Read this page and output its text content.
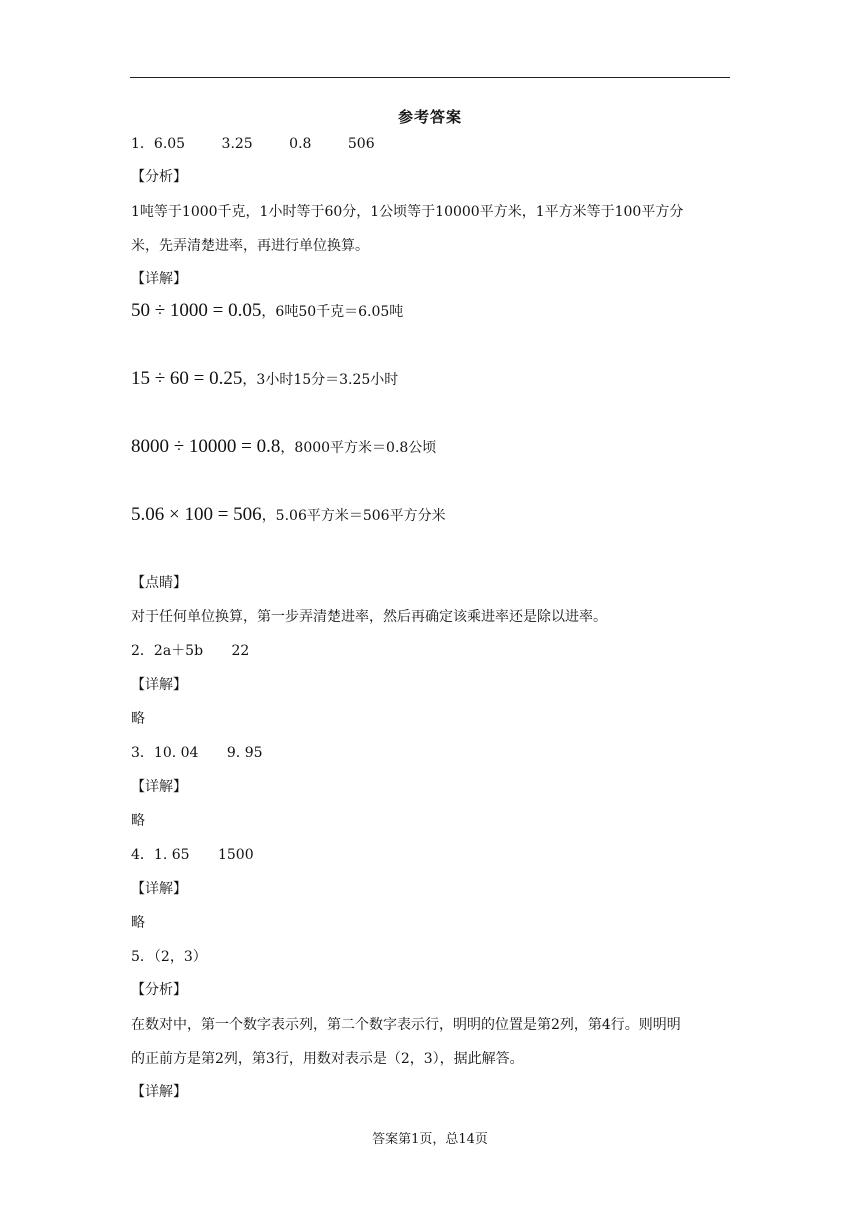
参考答案
1．6.05	3.25	0.8	506
【分析】
1吨等于1000千克，1小时等于60分，1公顷等于10000平方米，1平方米等于100平方分
米，先弄清楚进率，再进行单位换算。
【详解】
50 ÷ 1000 = 0.05，6吨50千克＝6.05吨
15 ÷ 60 = 0.25，3小时15分＝3.25小时
8000 ÷ 10000 = 0.8，8000平方米＝0.8公顷
5.06 × 100 = 506，5.06平方米＝506平方分米
【点睛】
对于任何单位换算，第一步弄清楚进率，然后再确定该乘进率还是除以进率。
2．2a＋5b 22
【详解】
略
3．10. 04 9. 95
【详解】
略
4．1. 65 1500
【详解】
略
5．（2，3）
【分析】
在数对中，第一个数字表示列，第二个数字表示行，明明的位置是第2列，第4行。则明明
的正前方是第2列，第3行，用数对表示是（2，3），据此解答。
【详解】
答案第1页，总14页
